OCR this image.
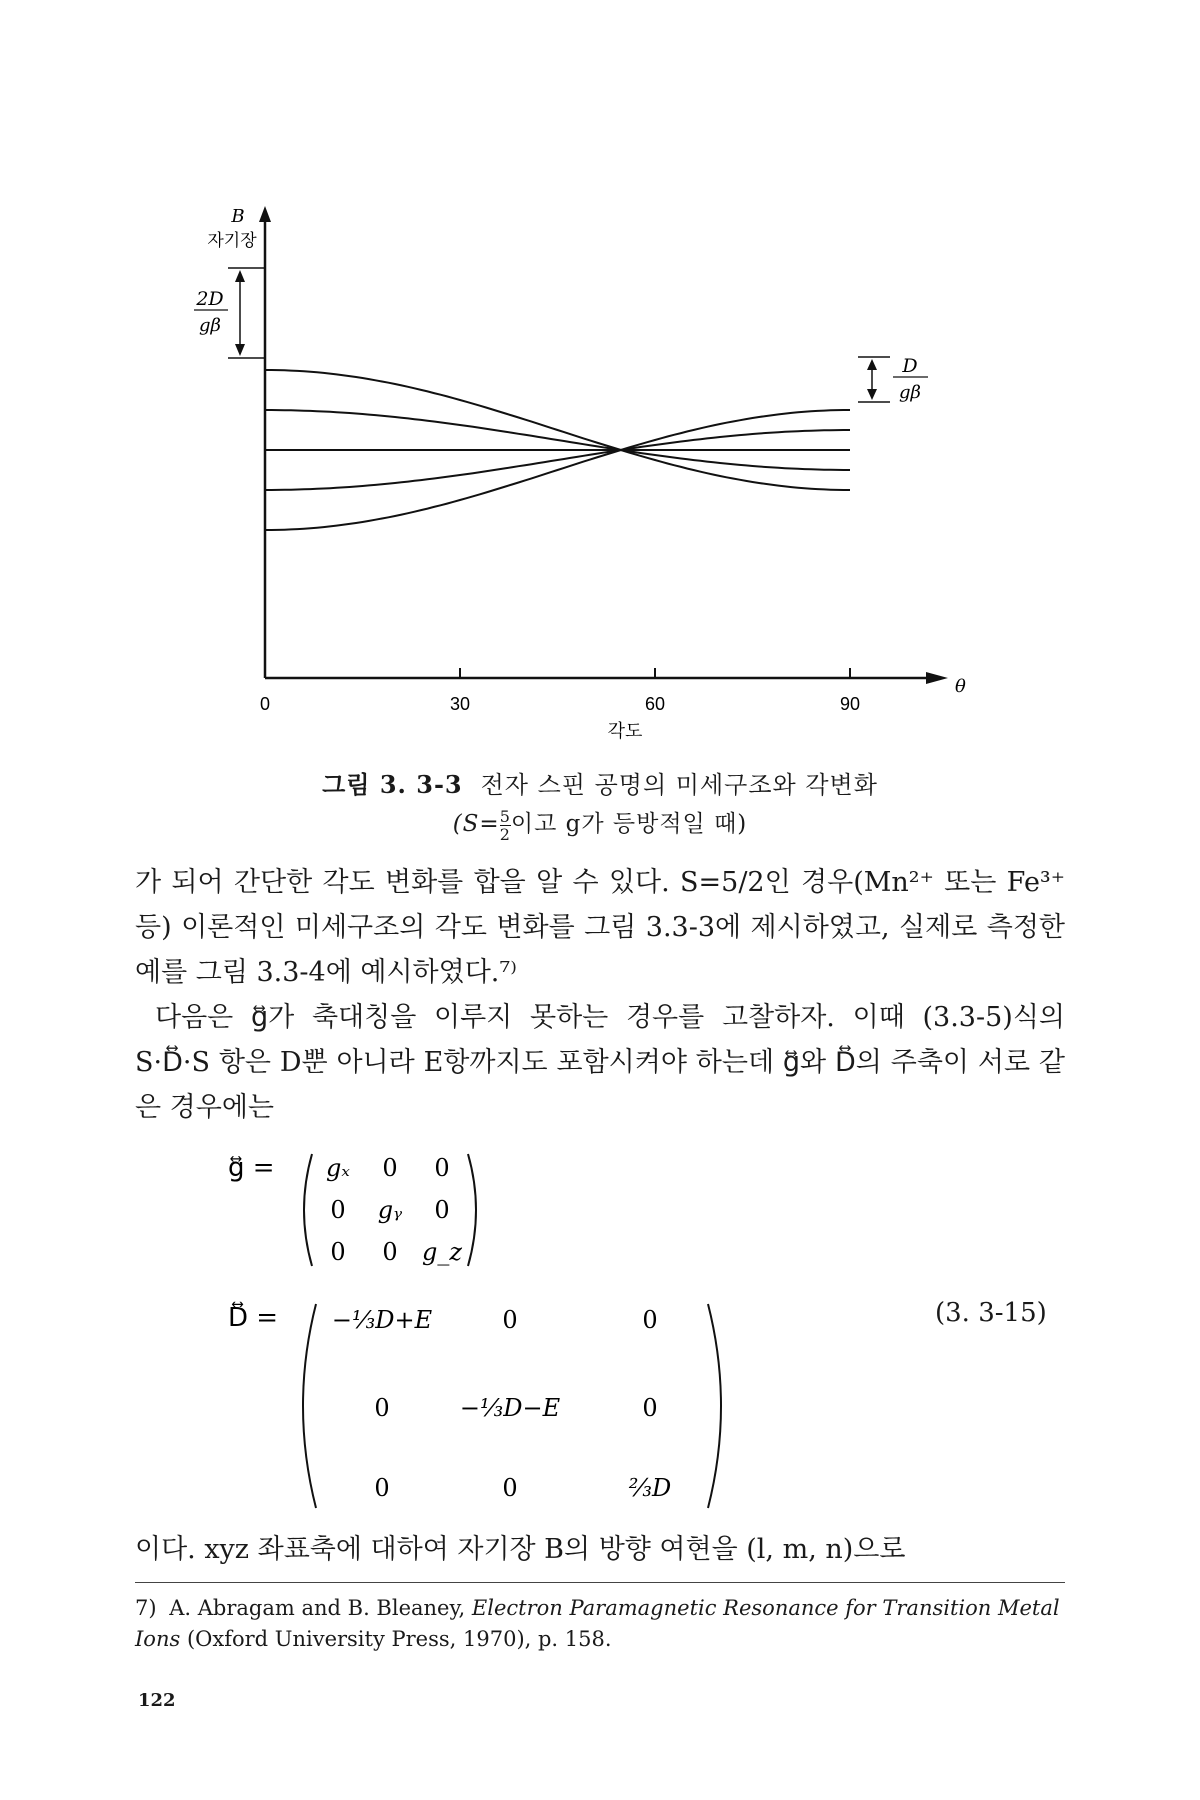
B
자기장
θ
각도
2D
gβ
D
gβ
0	30	60	90
그림 3. 3-3 전자 스핀 공명의 미세구조와 각변화
($S= \frac{5}{2}$ 이고 g가 등방적일 때)

가 되어 간단한 각도 변화를 합을 알 수 있다. S=5/2인 경우(Mn²⁺ 또는 Fe³⁺ 등) 이론적인 미세구조의 각도 변화를 그림 3.3-3에 제시하였고, 실제로 측정한 예를 그림 3.3-4에 예시하였다.⁷⁾

다음은 g⃡가 축대칭을 이루지 못하는 경우를 고찰하자. 이때 (3.3-5)식의 S·D⃡·S 항은 D뿐 아니라 E항까지도 포함시켜야 하는데 g⃡와 D⃡의 주축이 서로 같은 경우에는

g⃡ = gₓ 0 0
0 gᵧ 0
0 0 g_z
D⃡ = −⅓D+E	0	0
0	−⅓D−E	0
0	0	⅔D
(3. 3-15)

이다. xyz 좌표축에 대하여 자기장 B의 방향 여현을 (l, m, n)으로

7) A. Abragam and B. Bleaney, Electron Paramagnetic Resonance for Transition Metal Ions (Oxford University Press, 1970), p. 158.
122
